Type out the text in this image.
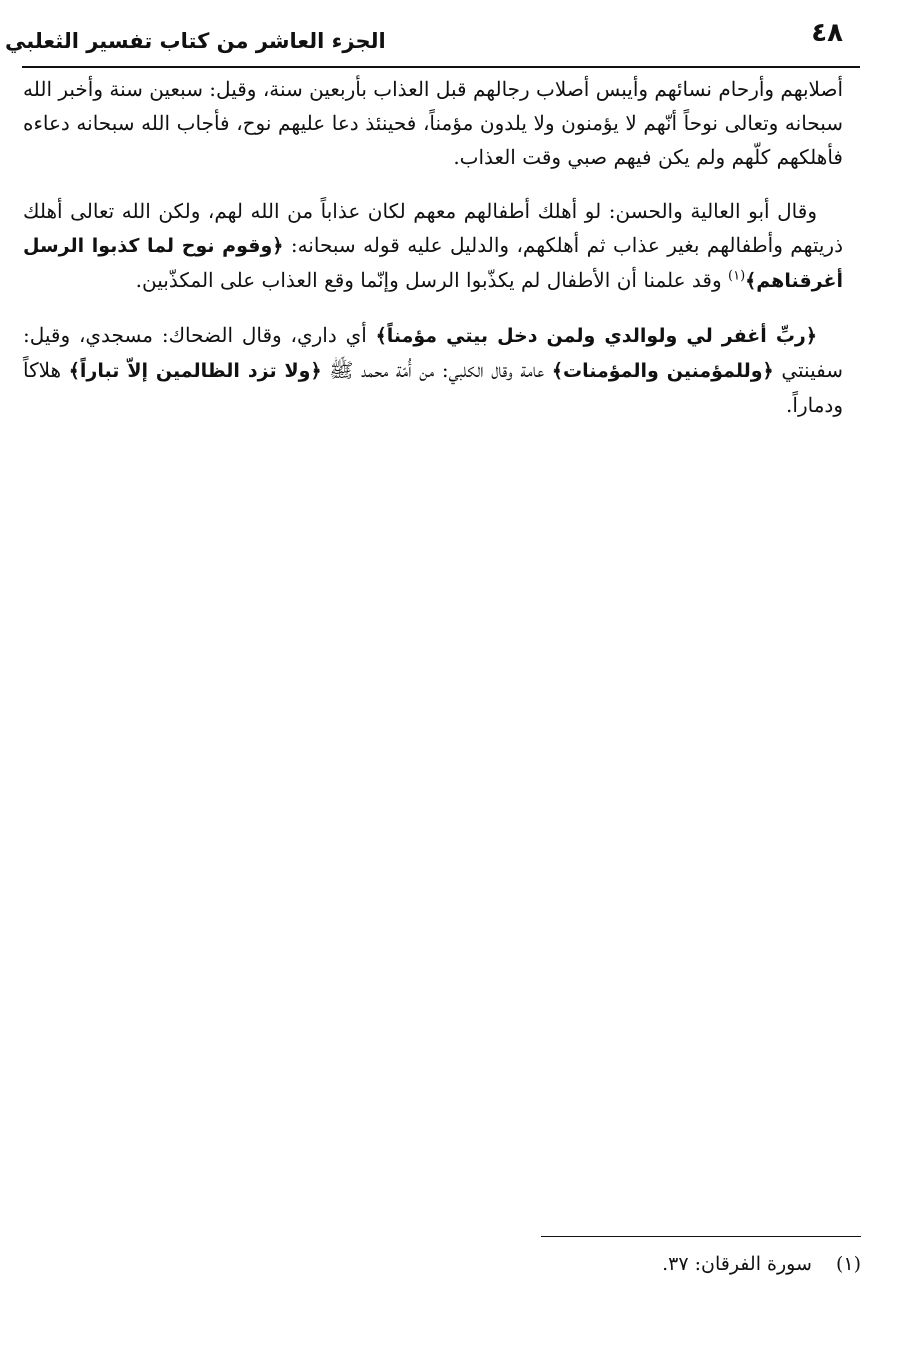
٤٨
الجزء العاشر من كتاب تفسير الثعلبي

أصلابهم وأرحام نسائهم وأيبس أصلاب رجالهم قبل العذاب بأربعين سنة، وقيل: سبعين سنة وأخبر الله سبحانه وتعالى نوحاً أنّهم لا يؤمنون ولا يلدون مؤمناً، فحينئذ دعا عليهم نوح، فأجاب الله سبحانه دعاءه فأهلكهم كلّهم ولم يكن فيهم صبي وقت العذاب.

وقال أبو العالية والحسن: لو أهلك أطفالهم معهم لكان عذاباً من الله لهم، ولكن الله تعالى أهلك ذريتهم وأطفالهم بغير عذاب ثم أهلكهم، والدليل عليه قوله سبحانه: ﴿وقوم نوح لما كذبوا الرسل أغرقناهم﴾$^{(١)}$ وقد علمنا أن الأطفال لم يكذّبوا الرسل وإنّما وقع العذاب على المكذّبين.

﴿ربِّ أغفر لي ولوالدي ولمن دخل بيتي مؤمناً﴾ أي داري، وقال الضحاك: مسجدي، وقيل: سفينتي ﴿وللمؤمنين والمؤمنات﴾ عامة وقال الكلبي: من أُمّة محمد ﷺ ﴿ولا تزد الظالمين إلاّ تباراً﴾ هلاكاً ودماراً.

(١) سورة الفرقان: ٣٧.
